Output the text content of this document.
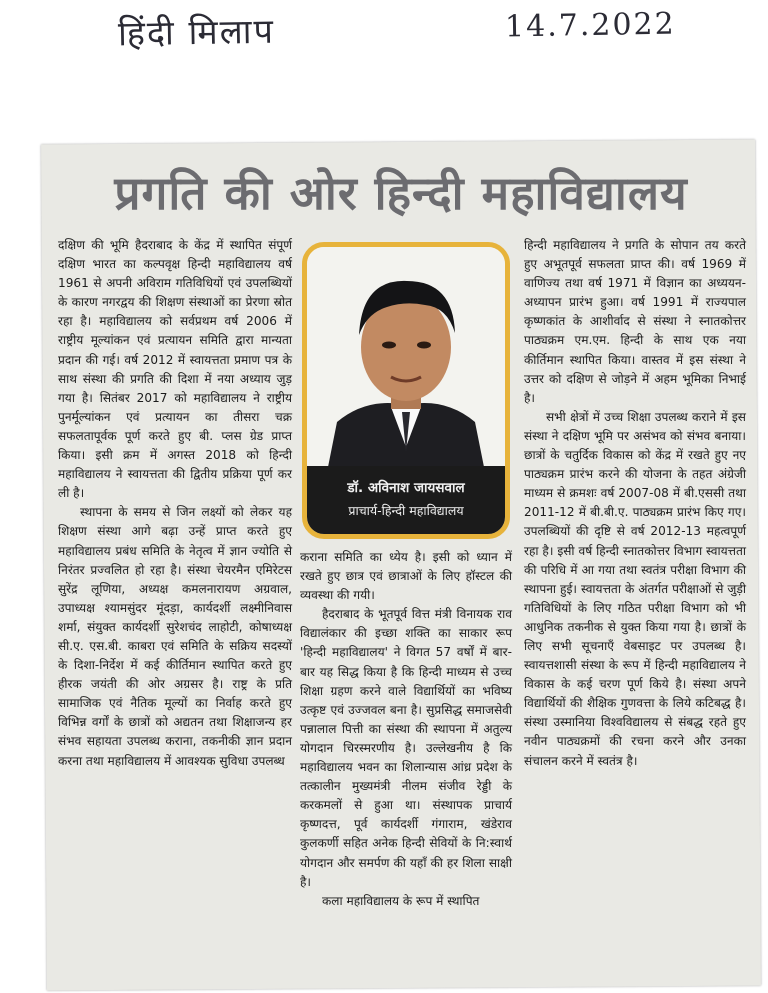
हिंदी मिलाप	14.7.2022
प्रगति की ओर हिन्दी महाविद्यालय

दक्षिण की भूमि हैदराबाद के केंद्र में स्थापित संपूर्ण दक्षिण भारत का कल्पवृक्ष हिन्दी महाविद्यालय वर्ष 1961 से अपनी अविराम गतिविधियों एवं उपलब्धियों के कारण नगरद्वय की शिक्षण संस्थाओं का प्रेरणा स्रोत रहा है। महाविद्यालय को सर्वप्रथम वर्ष 2006 में राष्ट्रीय मूल्यांकन एवं प्रत्यायन समिति द्वारा मान्यता प्रदान की गई। वर्ष 2012 में स्वायत्तता प्रमाण पत्र के साथ संस्था की प्रगति की दिशा में नया अध्याय जुड़ गया है। सितंबर 2017 को महाविद्यालय ने राष्ट्रीय पुनर्मूल्यांकन एवं प्रत्यायन का तीसरा चक्र सफलतापूर्वक पूर्ण करते हुए बी. प्लस ग्रेड प्राप्त किया। इसी क्रम में अगस्त 2018 को हिन्दी महाविद्यालय ने स्वायत्तता की द्वितीय प्रक्रिया पूर्ण कर ली है।

स्थापना के समय से जिन लक्ष्यों को लेकर यह शिक्षण संस्था आगे बढ़ा उन्हें प्राप्त करते हुए महाविद्यालय प्रबंध समिति के नेतृत्व में ज्ञान ज्योति से निरंतर प्रज्वलित हो रहा है। संस्था चेयरमैन एमिरेटस सुरेंद्र लूणिया, अध्यक्ष कमलनारायण अग्रवाल, उपाध्यक्ष श्यामसुंदर मूंदड़ा, कार्यदर्शी लक्ष्मीनिवास शर्मा, संयुक्त कार्यदर्शी सुरेशचंद लाहोटी, कोषाध्यक्ष सी.ए. एस.बी. काबरा एवं समिति के सक्रिय सदस्यों के दिशा-निर्देश में कई कीर्तिमान स्थापित करते हुए हीरक जयंती की ओर अग्रसर है। राष्ट्र के प्रति सामाजिक एवं नैतिक मूल्यों का निर्वाह करते हुए विभिन्न वर्गों के छात्रों को अद्यतन तथा शिक्षाजन्य हर संभव सहायता उपलब्ध कराना, तकनीकी ज्ञान प्रदान करना तथा महाविद्यालय में आवश्यक सुविधा उपलब्ध

डॉ. अविनाश जायसवाल
प्राचार्य-हिन्दी महाविद्यालय

कराना समिति का ध्येय है। इसी को ध्यान में रखते हुए छात्र एवं छात्राओं के लिए हॉस्टल की व्यवस्था की गयी।

हैदराबाद के भूतपूर्व वित्त मंत्री विनायक राव विद्यालंकार की इच्छा शक्ति का साकार रूप 'हिन्दी महाविद्यालय' ने विगत 57 वर्षों में बार-बार यह सिद्ध किया है कि हिन्दी माध्यम से उच्च शिक्षा ग्रहण करने वाले विद्यार्थियों का भविष्य उत्कृष्ट एवं उज्जवल बना है। सुप्रसिद्ध समाजसेवी पन्नालाल पित्ती का संस्था की स्थापना में अतुल्य योगदान चिरस्मरणीय है। उल्लेखनीय है कि महाविद्यालय भवन का शिलान्यास आंध्र प्रदेश के तत्कालीन मुख्यमंत्री नीलम संजीव रेड्डी के करकमलों से हुआ था। संस्थापक प्राचार्य कृष्णदत्त, पूर्व कार्यदर्शी गंगाराम, खंडेराव कुलकर्णी सहित अनेक हिन्दी सेवियों के नि:स्वार्थ योगदान और समर्पण की यहाँ की हर शिला साक्षी है।

कला महाविद्यालय के रूप में स्थापित

हिन्दी महाविद्यालय ने प्रगति के सोपान तय करते हुए अभूतपूर्व सफलता प्राप्त की। वर्ष 1969 में वाणिज्य तथा वर्ष 1971 में विज्ञान का अध्ययन-अध्यापन प्रारंभ हुआ। वर्ष 1991 में राज्यपाल कृष्णकांत के आशीर्वाद से संस्था ने स्नातकोत्तर पाठ्यक्रम एम.एम. हिन्दी के साथ एक नया कीर्तिमान स्थापित किया। वास्तव में इस संस्था ने उत्तर को दक्षिण से जोड़ने में अहम भूमिका निभाई है।

सभी क्षेत्रों में उच्च शिक्षा उपलब्ध कराने में इस संस्था ने दक्षिण भूमि पर असंभव को संभव बनाया। छात्रों के चतुर्दिक विकास को केंद्र में रखते हुए नए पाठ्यक्रम प्रारंभ करने की योजना के तहत अंग्रेजी माध्यम से क्रमशः वर्ष 2007-08 में बी.एससी तथा 2011-12 में बी.बी.ए. पाठ्यक्रम प्रारंभ किए गए। उपलब्धियों की दृष्टि से वर्ष 2012-13 महत्वपूर्ण रहा है। इसी वर्ष हिन्दी स्नातकोत्तर विभाग स्वायत्तता की परिधि में आ गया तथा स्वतंत्र परीक्षा विभाग की स्थापना हुई। स्वायत्तता के अंतर्गत परीक्षाओं से जुड़ी गतिविधियों के लिए गठित परीक्षा विभाग को भी आधुनिक तकनीक से युक्त किया गया है। छात्रों के लिए सभी सूचनाएँ वेबसाइट पर उपलब्ध है। स्वायत्तशासी संस्था के रूप में हिन्दी महाविद्यालय ने विकास के कई चरण पूर्ण किये है। संस्था अपने विद्यार्थियों की शैक्षिक गुणवत्ता के लिये कटिबद्ध है। संस्था उस्मानिया विश्वविद्यालय से संबद्ध रहते हुए नवीन पाठ्यक्रमों की रचना करने और उनका संचालन करने में स्वतंत्र है।
